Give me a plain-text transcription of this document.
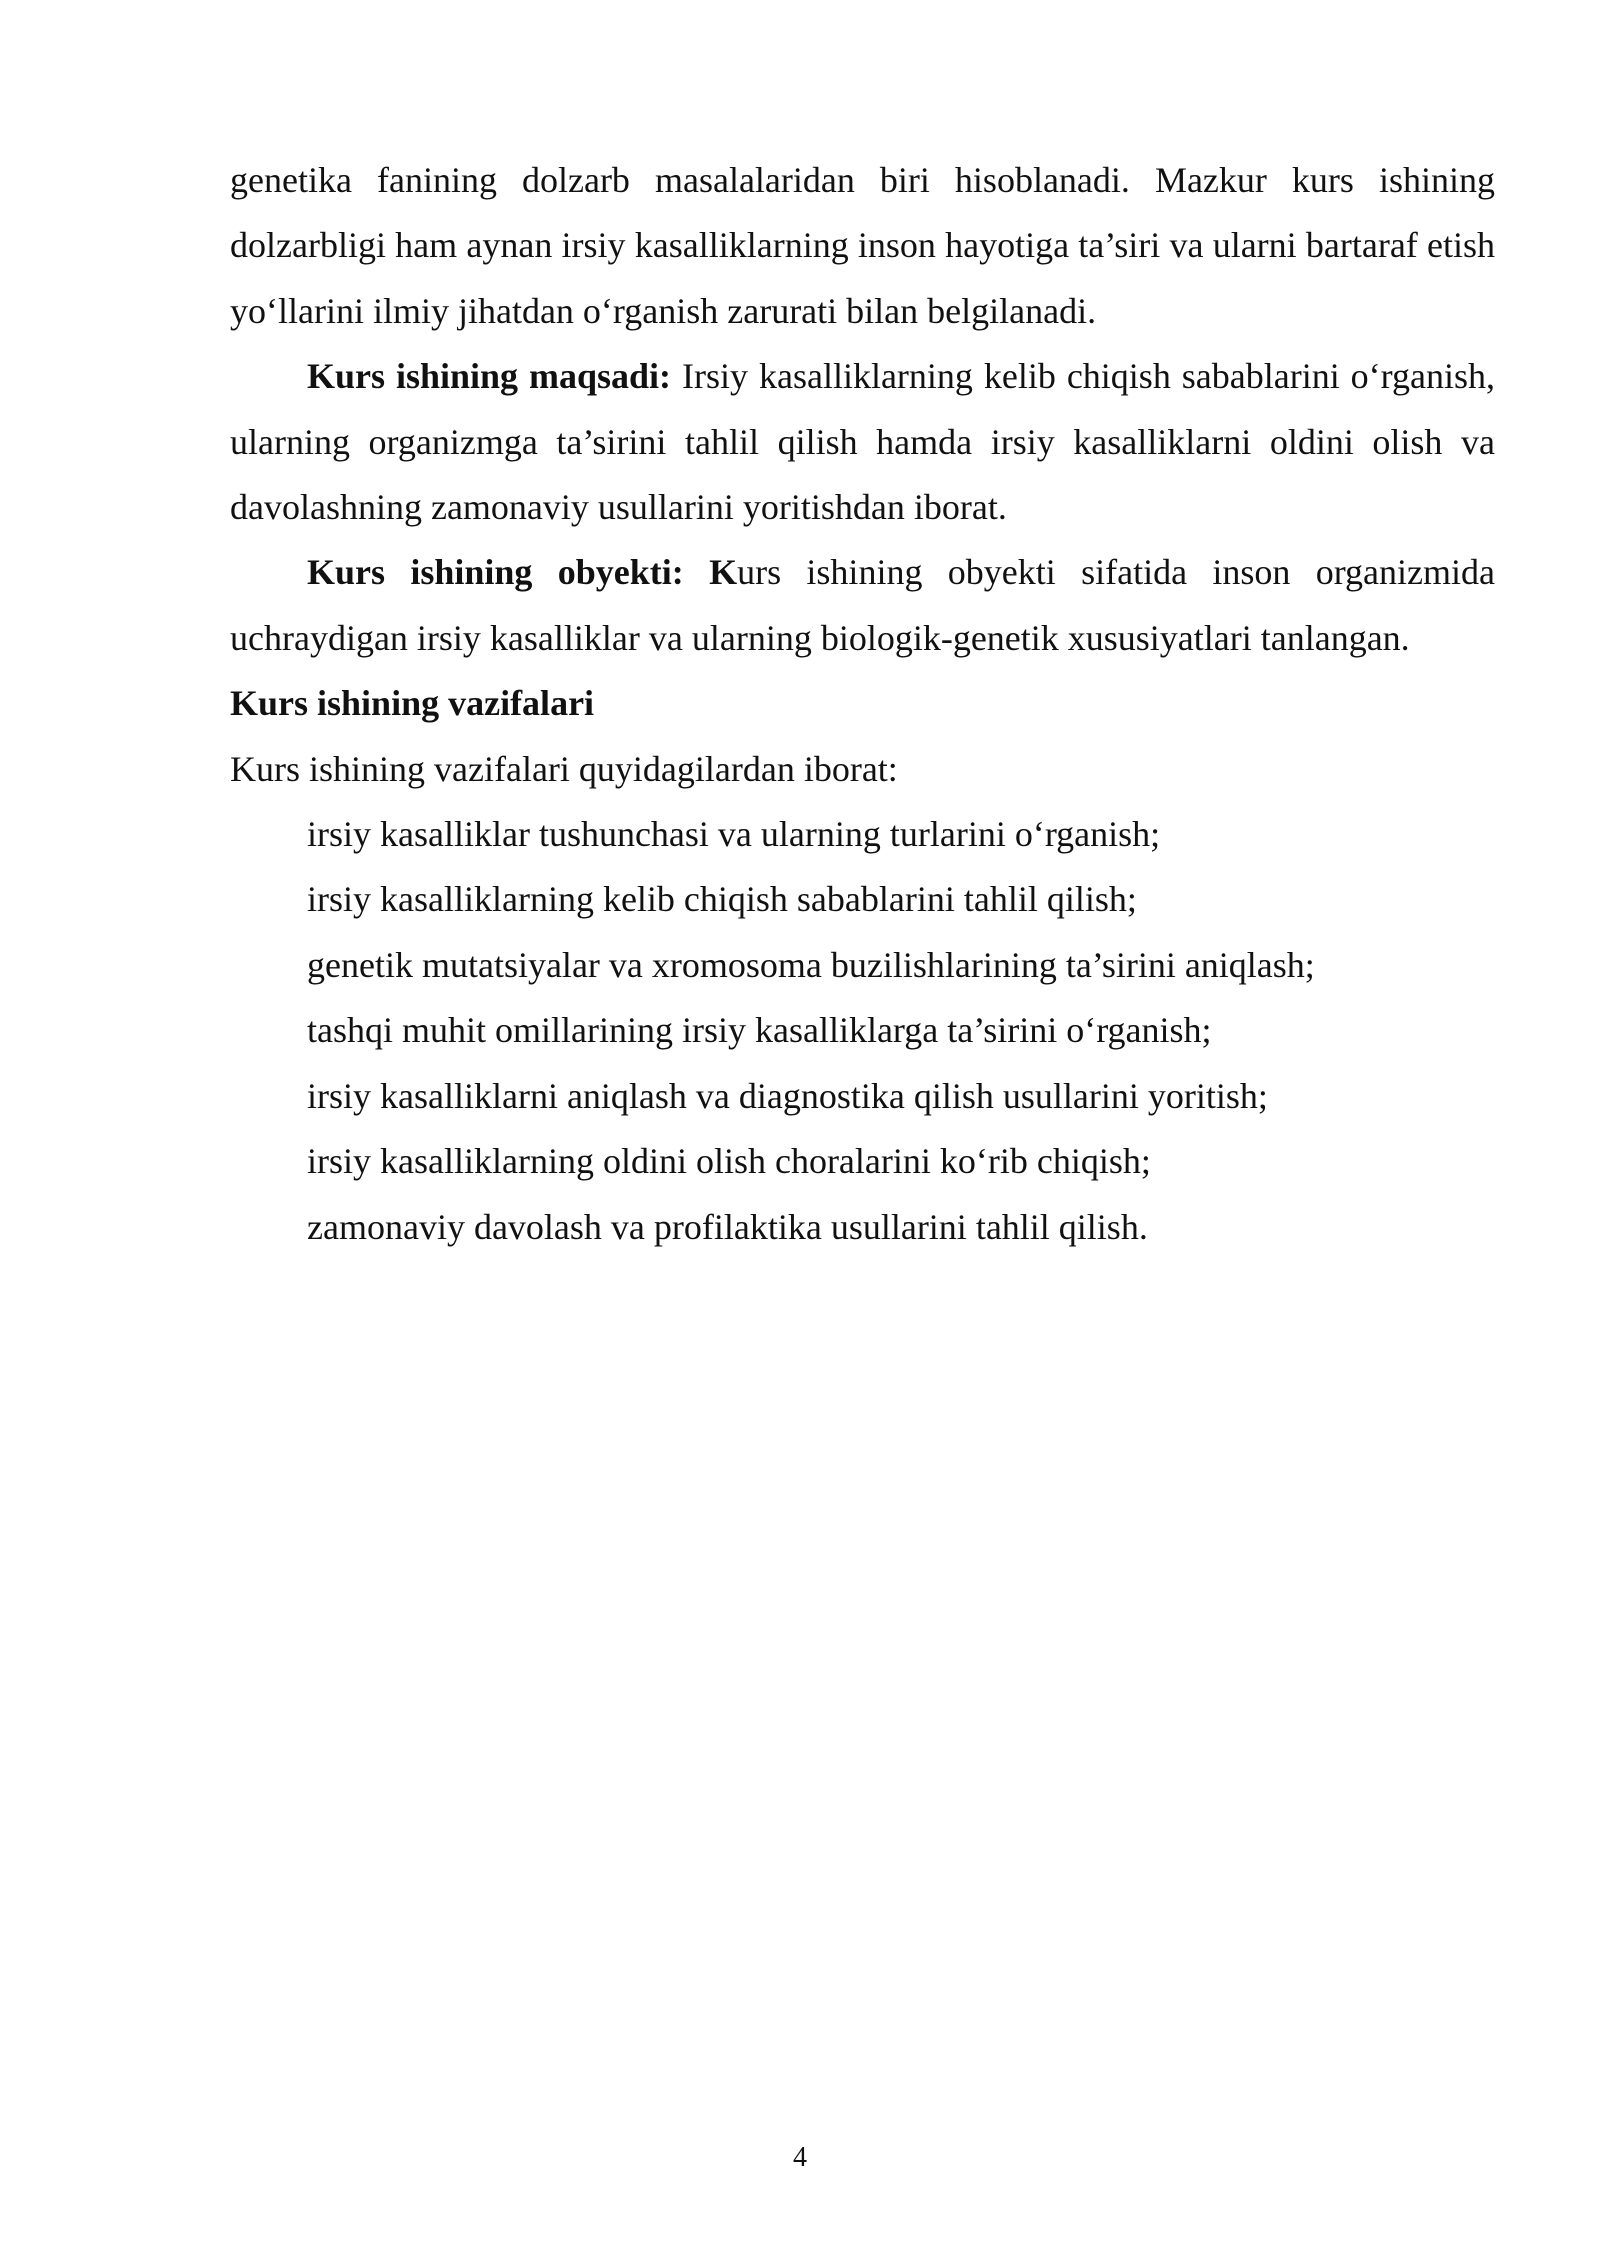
genetika fanining dolzarb masalalaridan biri hisoblanadi. Mazkur kurs ishining dolzarbligi ham aynan irsiy kasalliklarning inson hayotiga ta’siri va ularni bartaraf etish yo‘llarini ilmiy jihatdan o‘rganish zarurati bilan belgilanadi.

Kurs ishining maqsadi: Irsiy kasalliklarning kelib chiqish sabablarini o‘rganish, ularning organizmga ta’sirini tahlil qilish hamda irsiy kasalliklarni oldini olish va davolashning zamonaviy usullarini yoritishdan iborat.

Kurs ishining obyekti: Kurs ishining obyekti sifatida inson organizmida uchraydigan irsiy kasalliklar va ularning biologik-genetik xususiyatlari tanlangan.

Kurs ishining vazifalari

Kurs ishining vazifalari quyidagilardan iborat:

irsiy kasalliklar tushunchasi va ularning turlarini o‘rganish;
irsiy kasalliklarning kelib chiqish sabablarini tahlil qilish;
genetik mutatsiyalar va xromosoma buzilishlarining ta’sirini aniqlash;
tashqi muhit omillarining irsiy kasalliklarga ta’sirini o‘rganish;
irsiy kasalliklarni aniqlash va diagnostika qilish usullarini yoritish;
irsiy kasalliklarning oldini olish choralarini ko‘rib chiqish;
zamonaviy davolash va profilaktika usullarini tahlil qilish.
4
